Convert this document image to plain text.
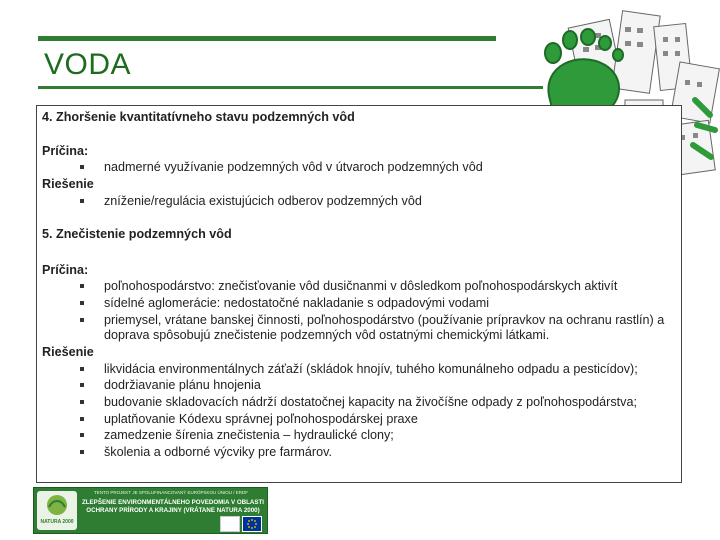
VODA
4. Zhoršenie kvantitatívneho stavu podzemných vôd
Príčina:
nadmerné využívanie podzemných vôd v útvaroch podzemných vôd
Riešenie
zníženie/regulácia existujúcich odberov podzemných vôd
5. Znečistenie podzemných vôd
Príčina:
poľnohospodárstvo: znečisťovanie vôd dusičnanmi v dôsledkom poľnohospodárskych aktivít
sídelné aglomerácie: nedostatočné nakladanie s odpadovými vodami
priemysel, vrátane banskej činnosti, poľnohospodárstvo (používanie prípravkov na ochranu rastlín) a doprava spôsobujú znečistenie podzemných vôd ostatnými chemickými látkami.
Riešenie
likvidácia environmentálnych záťaží (skládok hnojív, tuhého komunálneho odpadu a pesticídov);
dodržiavanie plánu hnojenia
budovanie skladovacích nádrží dostatočnej kapacity na živočíšne odpady z poľnohospodárstva;
uplatňovanie Kódexu správnej poľnohospodárskej praxe
zamedzenie šírenia znečistenia – hydraulické clony;
školenia a odborné výcviky pre farmárov.
NATURA 2000
TENTO PROJEKT JE SPOLUFINANCOVANÝ EURÓPSKOU ÚNIOU / ERDF
ZLEPŠENIE ENVIRONMENTÁLNEHO POVEDOMIA V OBLASTI OCHRANY PRÍRODY A KRAJINY (VRÁTANE NATURA 2000)
